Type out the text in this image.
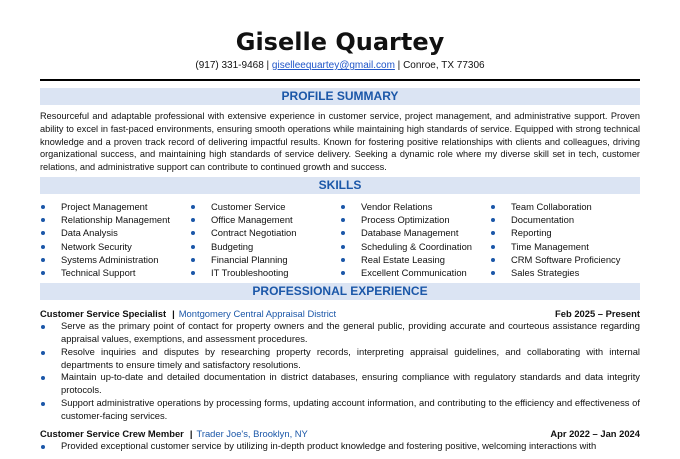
Giselle Quartey
(917) 331-9468 | giselleequartey@gmail.com | Conroe, TX 77306
PROFILE SUMMARY
Resourceful and adaptable professional with extensive experience in customer service, project management, and administrative support. Proven ability to excel in fast-paced environments, ensuring smooth operations while maintaining high standards of service. Equipped with strong technical knowledge and a proven track record of delivering impactful results. Known for fostering positive relationships with clients and colleagues, driving organizational success, and maintaining high standards of service delivery. Seeking a dynamic role where my diverse skill set in tech, customer relations, and administrative support can contribute to continued growth and success.
SKILLS
Project Management	Customer Service	Vendor Relations	Team Collaboration
Relationship Management	Office Management	Process Optimization	Documentation
Data Analysis	Contract Negotiation	Database Management	Reporting
Network Security	Budgeting	Scheduling & Coordination	Time Management
Systems Administration	Financial Planning	Real Estate Leasing	CRM Software Proficiency
Technical Support	IT Troubleshooting	Excellent Communication	Sales Strategies
PROFESSIONAL EXPERIENCE
Customer Service Specialist | Montgomery Central Appraisal District	Feb 2025 – Present
Serve as the primary point of contact for property owners and the general public, providing accurate and courteous assistance regarding appraisal values, exemptions, and assessment procedures.
Resolve inquiries and disputes by researching property records, interpreting appraisal guidelines, and collaborating with internal departments to ensure timely and satisfactory resolutions.
Maintain up-to-date and detailed documentation in district databases, ensuring compliance with regulatory standards and data integrity protocols.
Support administrative operations by processing forms, updating account information, and contributing to the efficiency and effectiveness of customer-facing services.
Customer Service Crew Member | Trader Joe's, Brooklyn, NY	Apr 2022 – Jan 2024
Provided exceptional customer service by utilizing in-depth product knowledge and fostering positive, welcoming interactions with
